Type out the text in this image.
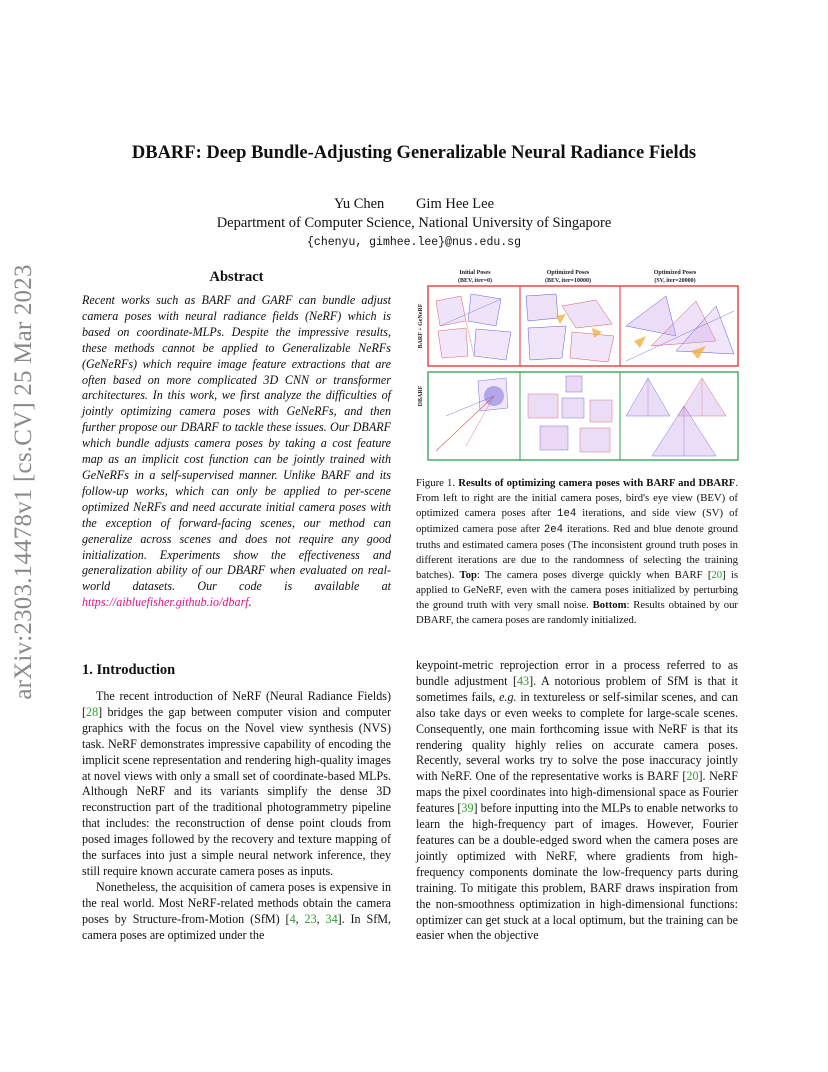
DBARF: Deep Bundle-Adjusting Generalizable Neural Radiance Fields
Yu Chen Gim Hee Lee
Department of Computer Science, National University of Singapore
{chenyu, gimhee.lee}@nus.edu.sg
arXiv:2303.14478v1 [cs.CV] 25 Mar 2023	Abstract
Recent works such as BARF and GARF can bundle adjust camera poses with neural radiance fields (NeRF) which is based on coordinate-MLPs. Despite the impressive results, these methods cannot be applied to Generalizable NeRFs (GeNeRFs) which require image feature extractions that are often based on more complicated 3D CNN or transformer architectures. In this work, we first analyze the difficulties of jointly optimizing camera poses with GeNeRFs, and then further propose our DBARF to tackle these issues. Our DBARF which bundle adjusts camera poses by taking a cost feature map as an implicit cost function can be jointly trained with GeNeRFs in a self-supervised manner. Unlike BARF and its follow-up works, which can only be applied to per-scene optimized NeRFs and need accurate initial camera poses with the exception of forward-facing scenes, our method can generalize across scenes and does not require any good initialization. Experiments show the effectiveness and generalization ability of our DBARF when evaluated on real-world datasets. Our code is available at https://aibluefisher.github.io/dbarf.
Initial Poses
(BEV, iter=0)
Optimized Poses
(BEV, iter=10000)
Optimized Poses
(SV, iter=20000)
BARF + GeNeRF
DBARF
Figure 1. Results of optimizing camera poses with BARF and DBARF. From left to right are the initial camera poses, bird's eye view (BEV) of optimized camera poses after 1e4 iterations, and side view (SV) of optimized camera pose after 2e4 iterations. Red and blue denote ground truths and estimated camera poses (The inconsistent ground truth poses in different iterations are due to the randomness of selecting the training batches). Top: The camera poses diverge quickly when BARF [20] is applied to GeNeRF, even with the camera poses initialized by perturbing the ground truth with very small noise. Bottom: Results obtained by our DBARF, the camera poses are randomly initialized.
1. Introduction

The recent introduction of NeRF (Neural Radiance Fields) [28] bridges the gap between computer vision and computer graphics with the focus on the Novel view synthesis (NVS) task. NeRF demonstrates impressive capability of encoding the implicit scene representation and rendering high-quality images at novel views with only a small set of coordinate-based MLPs. Although NeRF and its variants simplify the dense 3D reconstruction part of the traditional photogrammetry pipeline that includes: the reconstruction of dense point clouds from posed images followed by the recovery and texture mapping of the surfaces into just a simple neural network inference, they still require known accurate camera poses as inputs.

Nonetheless, the acquisition of camera poses is expensive in the real world. Most NeRF-related methods obtain the camera poses by Structure-from-Motion (SfM) [4, 23, 34]. In SfM, camera poses are optimized under the

keypoint-metric reprojection error in a process referred to as bundle adjustment [43]. A notorious problem of SfM is that it sometimes fails, e.g. in textureless or self-similar scenes, and can also take days or even weeks to complete for large-scale scenes. Consequently, one main forthcoming issue with NeRF is that its rendering quality highly relies on accurate camera poses. Recently, several works try to solve the pose inaccuracy jointly with NeRF. One of the representative works is BARF [20]. NeRF maps the pixel coordinates into high-dimensional space as Fourier features [39] before inputting into the MLPs to enable networks to learn the high-frequency part of images. However, Fourier features can be a double-edged sword when the camera poses are jointly optimized with NeRF, where gradients from high-frequency components dominate the low-frequency parts during training. To mitigate this problem, BARF draws inspiration from the non-smoothness optimization in high-dimensional functions: optimizer can get stuck at a local optimum, but the training can be easier when the objective
